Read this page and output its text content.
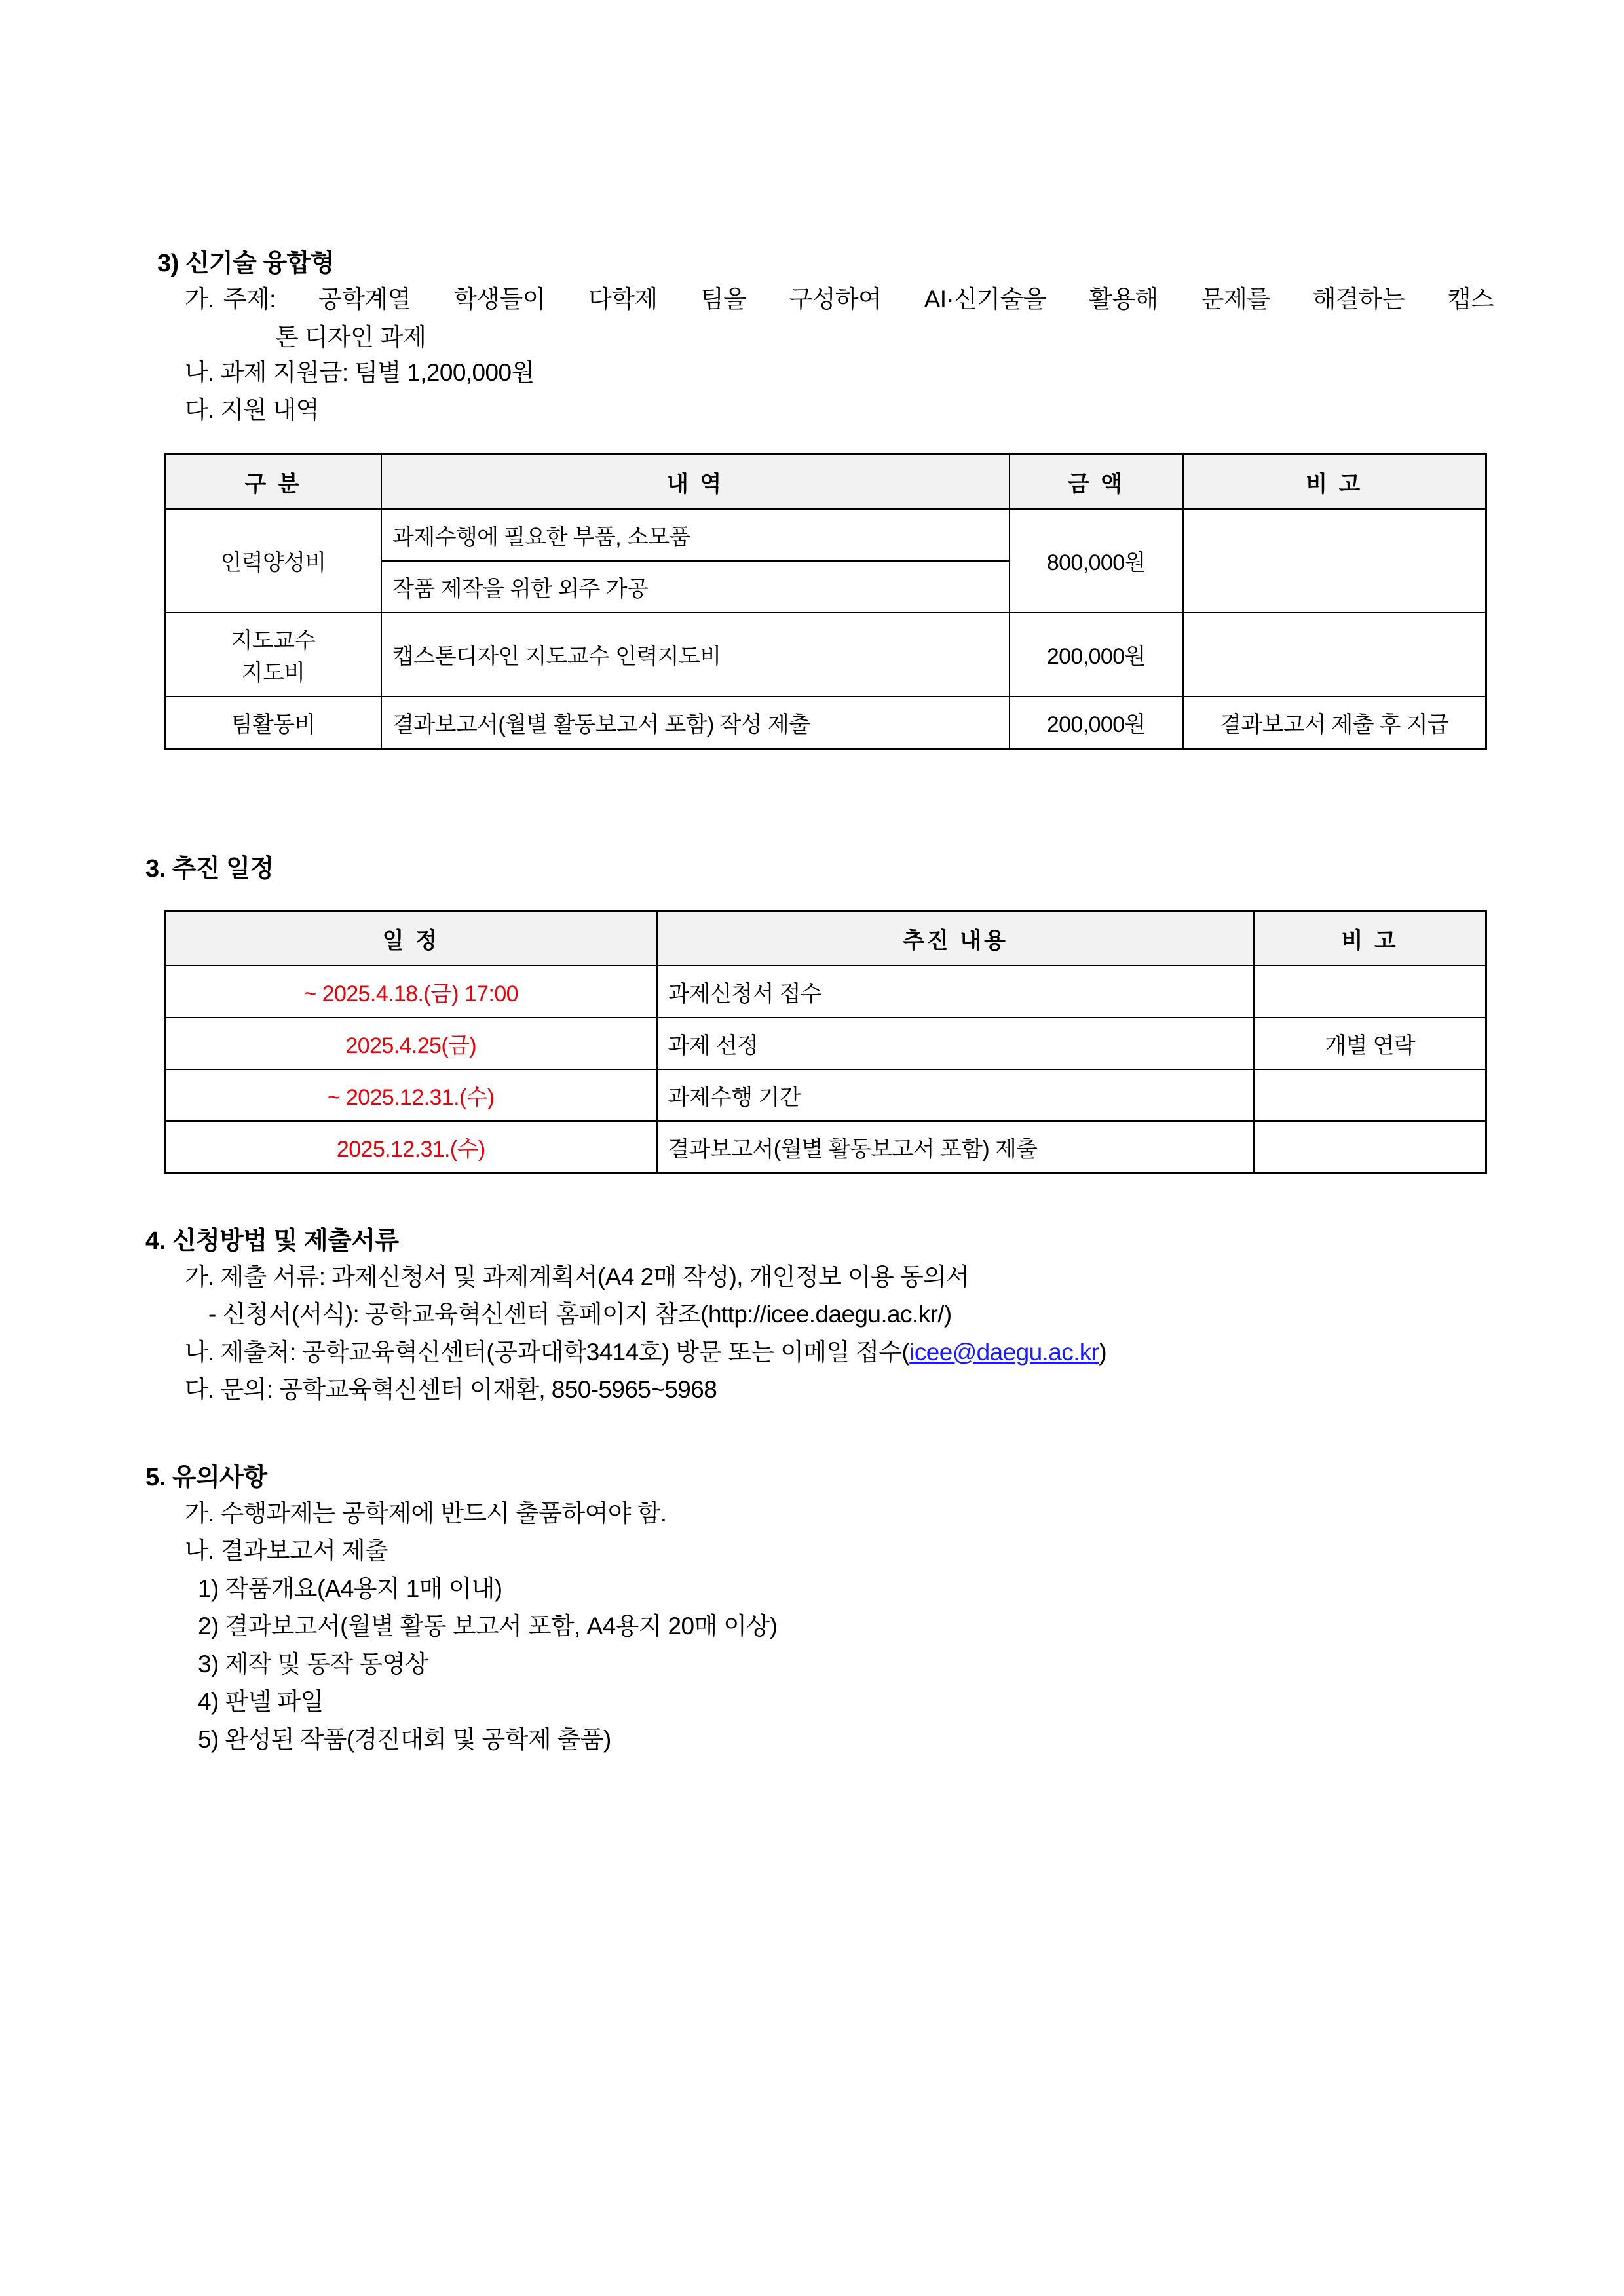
3) 신기술 융합형
가. 주제: 공학계열 학생들이 다학제 팀을 구성하여 AI·신기술을 활용해 문제를 해결하는 캡스
톤 디자인 과제
나. 과제 지원금: 팀별 1,200,000원
다. 지원 내역
구 분	내 역	금 액	비 고
인력양성비	과제수행에 필요한 부품, 소모품	800,000원	
	작품 제작을 위한 외주 가공		

지도교수
지도비	캡스톤디자인 지도교수 인력지도비	200,000원	
팀활동비	결과보고서(월별 활동보고서 포함) 작성 제출	200,000원	결과보고서 제출 후 지급
3. 추진 일정
일 정	추진 내용	비 고
~ 2025.4.18.(금) 17:00	과제신청서 접수	
2025.4.25(금)	과제 선정	개별 연락
~ 2025.12.31.(수)	과제수행 기간	
2025.12.31.(수)	결과보고서(월별 활동보고서 포함) 제출	
4. 신청방법 및 제출서류
가. 제출 서류: 과제신청서 및 과제계획서(A4 2매 작성), 개인정보 이용 동의서
- 신청서(서식): 공학교육혁신센터 홈페이지 참조(http://icee.daegu.ac.kr/)
나. 제출처: 공학교육혁신센터(공과대학3414호) 방문 또는 이메일 접수(icee@daegu.ac.kr)
다. 문의: 공학교육혁신센터 이재환, 850-5965~5968
5. 유의사항
가. 수행과제는 공학제에 반드시 출품하여야 함.
나. 결과보고서 제출
1) 작품개요(A4용지 1매 이내)
2) 결과보고서(월별 활동 보고서 포함, A4용지 20매 이상)
3) 제작 및 동작 동영상
4) 판넬 파일
5) 완성된 작품(경진대회 및 공학제 출품)
